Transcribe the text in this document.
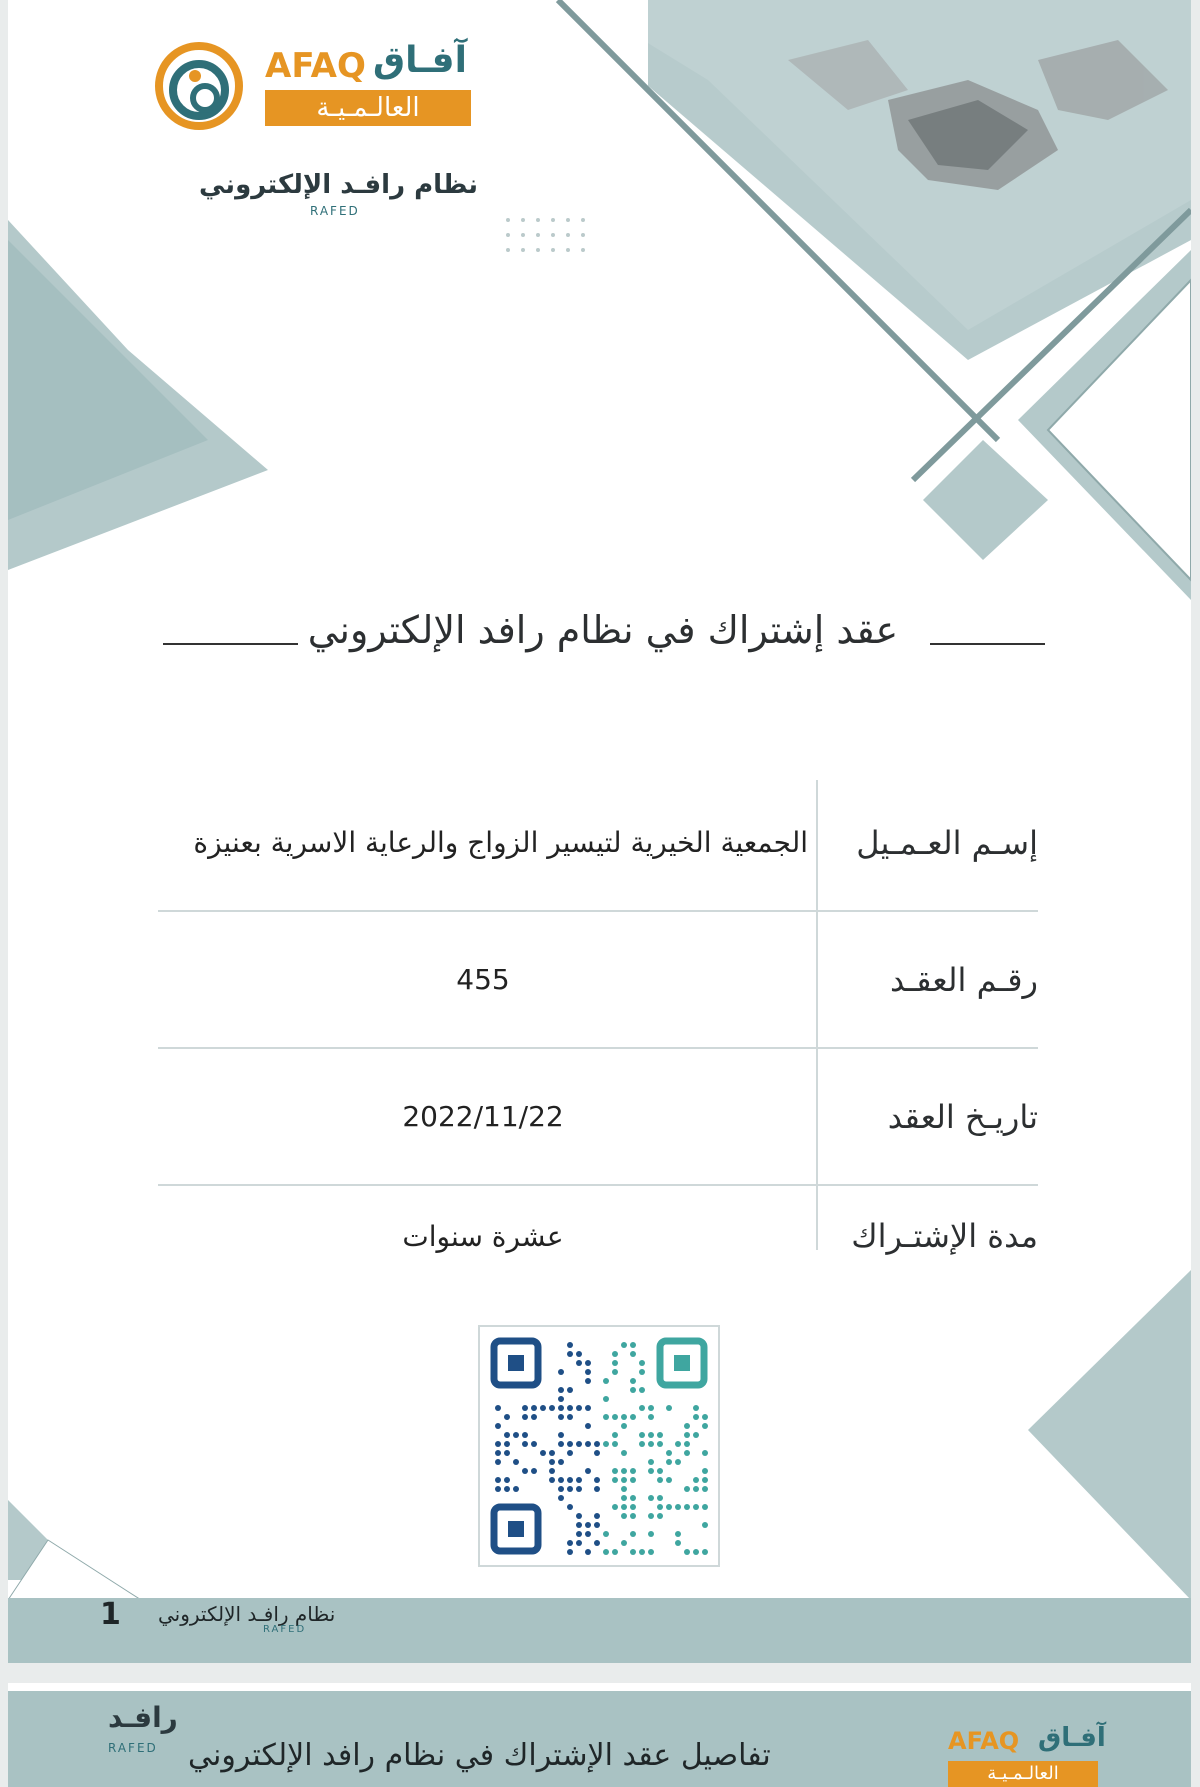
AFAQ آفـاق
العالـمـيـة
نظام رافـد الإلكتروني
RAFED
عقد إشتراك في نظام رافد الإلكتروني
إسـم العـمـيل
الجمعية الخيرية لتيسير الزواج والرعاية الاسرية بعنيزة
رقـم العقـد
455
تاريـخ العقد
2022/11/22
مدة الإشتـراك
عشرة سنوات
1 نظام رافـد الإلكتروني
RAFED
رافـد
RAFED تفاصيل عقد الإشتراك في نظام رافد الإلكتروني	AFAQ آفـاق
العالـمـيـة
